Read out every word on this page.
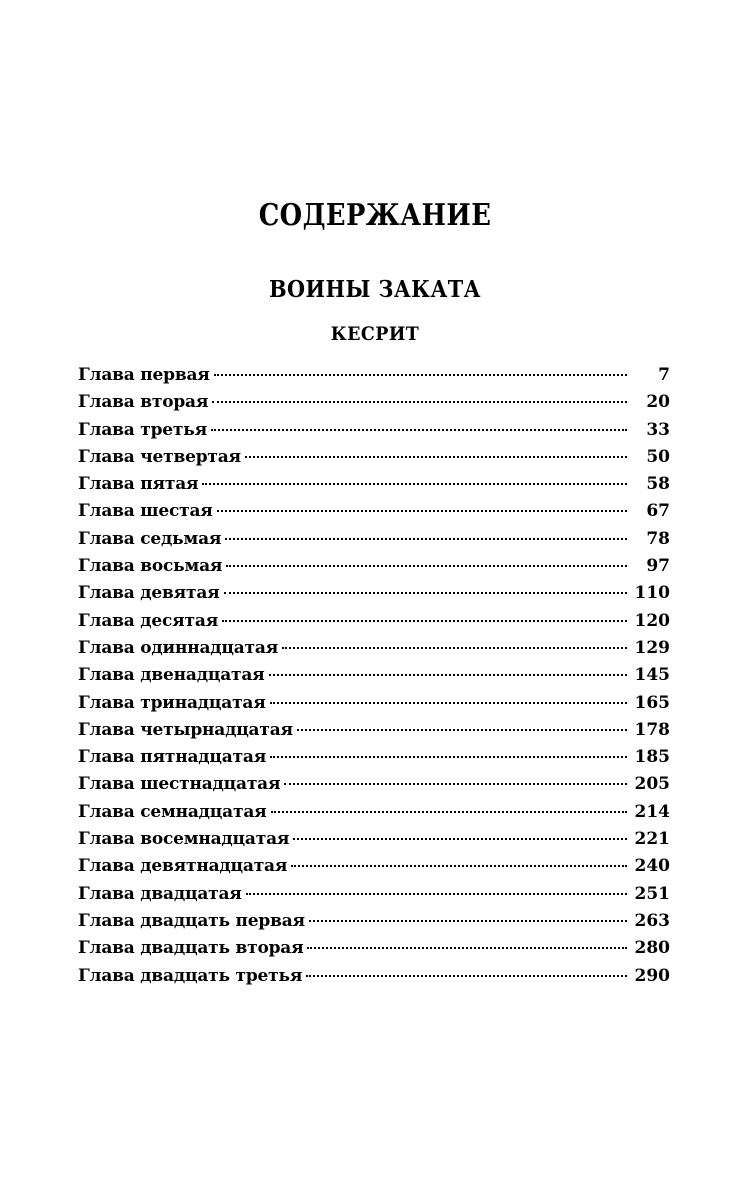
СОДЕРЖАНИЕ
ВОИНЫ ЗАКАТА
КЕСРИТ
Глава первая	7
Глава вторая	20
Глава третья	33
Глава четвертая	50
Глава пятая	58
Глава шестая	67
Глава седьмая	78
Глава восьмая	97
Глава девятая	110
Глава десятая	120
Глава одиннадцатая	129
Глава двенадцатая	145
Глава тринадцатая	165
Глава четырнадцатая	178
Глава пятнадцатая	185
Глава шестнадцатая	205
Глава семнадцатая	214
Глава восемнадцатая	221
Глава девятнадцатая	240
Глава двадцатая	251
Глава двадцать первая	263
Глава двадцать вторая	280
Глава двадцать третья	290
